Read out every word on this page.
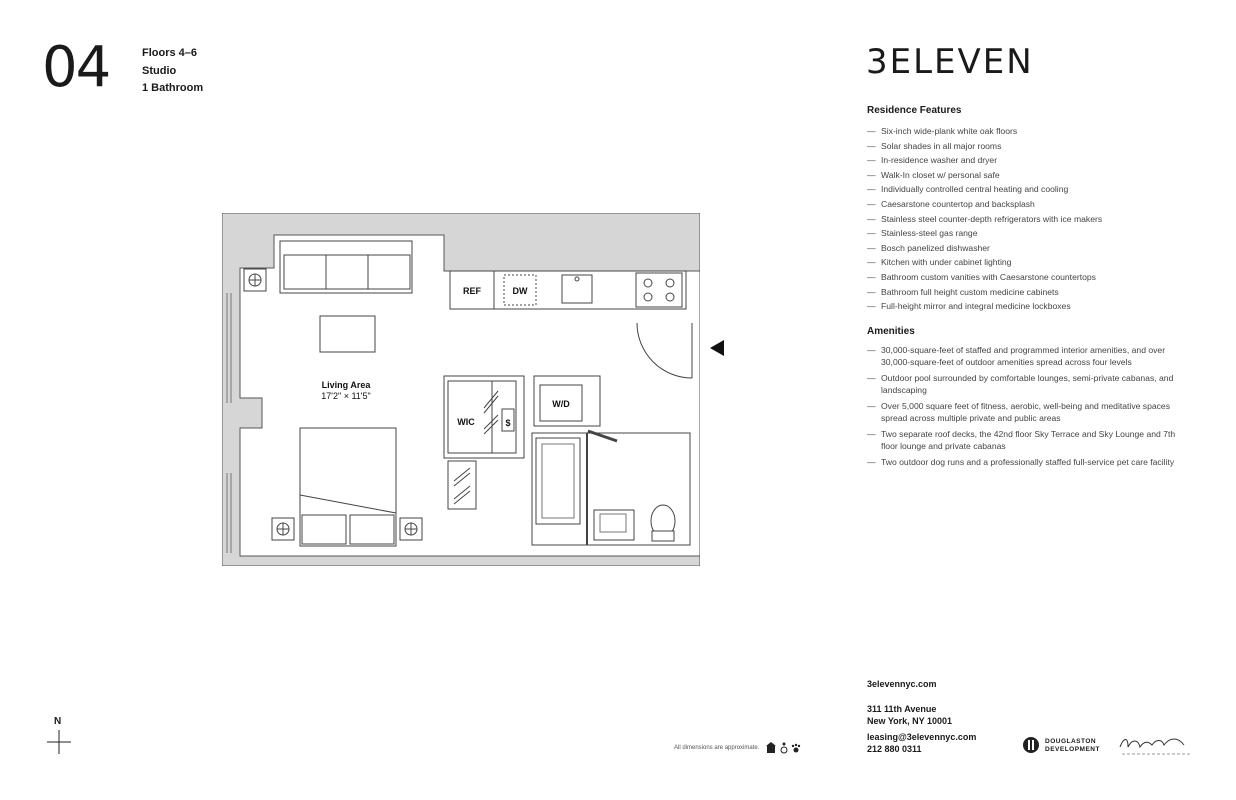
04	Floors 4–6
Studio
1 Bathroom
3ELEVEN
Residence Features
— Six-inch wide-plank white oak floors
— Solar shades in all major rooms
— In-residence washer and dryer
— Walk-In closet w/ personal safe
— Individually controlled central heating and cooling
— Caesarstone countertop and backsplash
— Stainless steel counter-depth refrigerators with ice makers
— Stainless-steel gas range
— Bosch panelized dishwasher
— Kitchen with under cabinet lighting
— Bathroom custom vanities with Caesarstone countertops
— Bathroom full height custom medicine cabinets
— Full-height mirror and integral medicine lockboxes
Amenities
— 30,000-square-feet of staffed and programmed interior amenities, and over 30,000-square-feet of outdoor amenities spread across four levels
— Outdoor pool surrounded by comfortable lounges, semi-private cabanas, and landscaping
— Over 5,000 square feet of fitness, aerobic, well-being and meditative spaces spread across multiple private and public areas
— Two separate roof decks, the 42nd floor Sky Terrace and Sky Lounge and 7th floor lounge and private cabanas
— Two outdoor dog runs and a professionally staffed full-service pet care facility
Living Area
17'2" × 11'5"
REF	DW
WIC	$
W/D
N
All dimensions are approximate.
3elevennyc.com
311 11th Avenue
New York, NY 10001
leasing@3elevennyc.com
212 880 0311
DOUGLASTON
DEVELOPMENT
